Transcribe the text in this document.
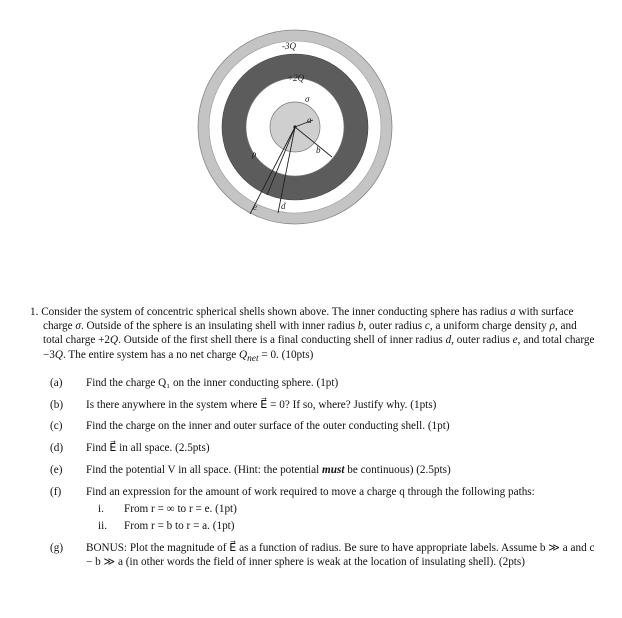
-3Q
+2Q
σ
a
b
d
e
ρ

1. Consider the system of concentric spherical shells shown above. The inner conducting sphere has radius a with surface charge σ. Outside of the sphere is an insulating shell with inner radius b, outer radius c, a uniform charge density ρ, and total charge +2Q. Outside of the first shell there is a final conducting shell of inner radius d, outer radius e, and total charge −3Q. The entire system has a no net charge $Q_{net} = 0$. (10pts)

(a) Find the charge Q₁ on the inner conducting sphere. (1pt)
(b) Is there anywhere in the system where E⃗ = 0? If so, where? Justify why. (1pts)
(c) Find the charge on the inner and outer surface of the outer conducting shell. (1pt)
(d) Find E⃗ in all space. (2.5pts)
(e) Find the potential V in all space. (Hint: the potential must be continuous) (2.5pts)
(f) Find an expression for the amount of work required to move a charge q through the following paths:
i. From r = ∞ to r = e. (1pt)
ii. From r = b to r = a. (1pt)
(g) BONUS: Plot the magnitude of E⃗ as a function of radius. Be sure to have appropriate labels. Assume b ≫ a and c − b ≫ a (in other words the field of inner sphere is weak at the location of insulating shell). (2pts)
